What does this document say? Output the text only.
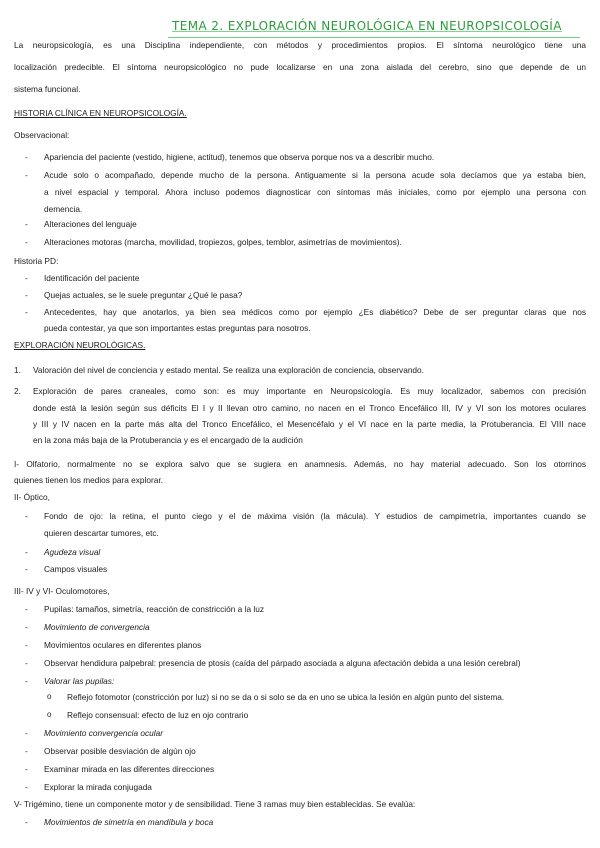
TEMA 2. EXPLORACIÓN NEUROLÓGICA EN NEUROPSICOLOGÍA
La neuropsicología, es una Disciplina independiente, con métodos y procedimientos propios. El síntoma neurológico tiene una
localización predecible. El síntoma neuropsicológico no pude localizarse en una zona aislada del cerebro, sino que depende de un
sistema funcional.
HISTORIA CLÍNICA EN NEUROPSICOLOGÍA.
Observacional:
- Apariencia del paciente (vestido, higiene, actitud), tenemos que observa porque nos va a describir mucho.
- Acude solo o acompañado, depende mucho de la persona. Antiguamente si la persona acude sola decíamos que ya estaba bien,
a nivel espacial y temporal. Ahora incluso podemos diagnosticar con síntomas más iniciales, como por ejemplo una persona con
demencia.
- Alteraciones del lenguaje
- Alteraciones motoras (marcha, movilidad, tropiezos, golpes, temblor, asimetrías de movimientos).
Historia PD:
- Identificación del paciente
- Quejas actuales, se le suele preguntar ¿Qué le pasa?
- Antecedentes, hay que anotarlos, ya bien sea médicos como por ejemplo ¿Es diabético? Debe de ser preguntar claras que nos
pueda contestar, ya que son importantes estas preguntas para nosotros.
EXPLORACIÓN NEUROLÓGICAS.
1. Valoración del nivel de conciencia y estado mental. Se realiza una exploración de conciencia, observando.
2. Exploración de pares craneales, como son: es muy importante en Neuropsicología. Es muy localizador, sabemos con precisión
donde está la lesión según sus déficits El I y II llevan otro camino, no nacen en el Tronco Encefálico III, IV y VI son los motores oculares
y III y IV nacen en la parte más alta del Tronco Encefálico, el Mesencéfalo y el VI nace en la parte media, la Protuberancia. El VIII nace
en la zona más baja de la Protuberancia y es el encargado de la audición
I- Olfatorio, normalmente no se explora salvo que se sugiera en anamnesis. Además, no hay material adecuado. Son los otorrinos
quienes tienen los medios para explorar.
II- Óptico,
- Fondo de ojo: la retina, el punto ciego y el de máxima visión (la mácula). Y estudios de campimetría, importantes cuando se
quieren descartar tumores, etc.
- Agudeza visual
- Campos visuales
III- IV y VI- Oculomotores,
- Pupilas: tamaños, simetría, reacción de constricción a la luz
- Movimiento de convergencia
- Movimientos oculares en diferentes planos
- Observar hendidura palpebral: presencia de ptosis (caída del párpado asociada a alguna afectación debida a una lesión cerebral)
- Valorar las pupilas:
o Reflejo fotomotor (constricción por luz) si no se da o si solo se da en uno se ubica la lesión en algún punto del sistema.
o Reflejo consensual: efecto de luz en ojo contrario
- Movimiento convergencia ocular
- Observar posible desviación de algún ojo
- Examinar mirada en las diferentes direcciones
- Explorar la mirada conjugada
V- Trigémino, tiene un componente motor y de sensibilidad. Tiene 3 ramas muy bien establecidas. Se evalúa:
- Movimientos de simetría en mandíbula y boca
